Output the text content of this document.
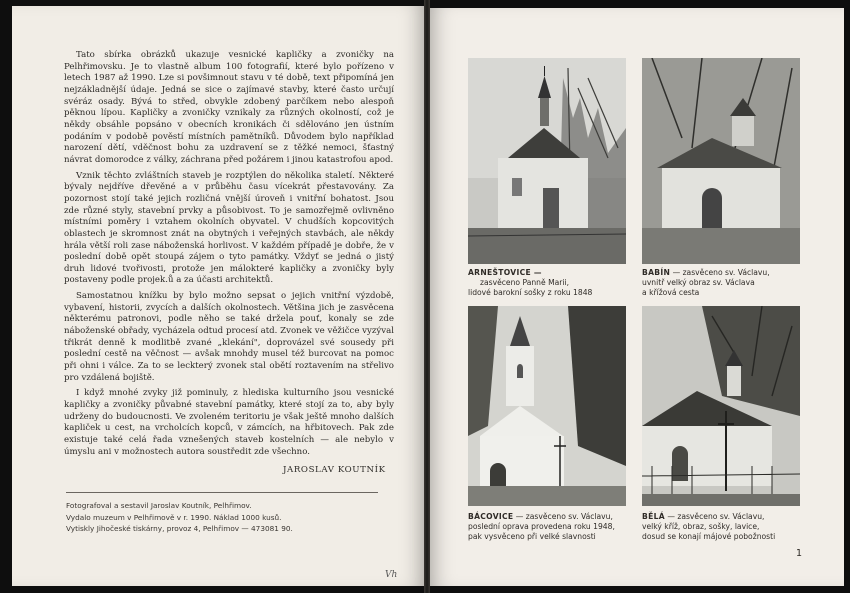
Tato sbírka obrázků ukazuje vesnické kapličky a zvoničky na Pelhřimovsku. Je to vlastně album 100 fotografií, které bylo pořízeno v letech 1987 až 1990. Lze si povšimnout stavu v té době, text připomíná jen nejzákladnější údaje. Jedná se sice o zajímavé stavby, které často určují svéráz osady. Bývá to střed, obvykle zdobený parčíkem nebo alespoň pěknou lípou. Kapličky a zvoničky vznikaly za různých okolností, což je někdy obsáhle popsáno v obecních kronikách či sdělováno jen ústním podáním v podobě pověstí místních pamětníků. Důvodem bylo například narození dětí, vděčnost bohu za uzdravení se z těžké nemoci, šťastný návrat domorodce z války, záchrana před požárem i jinou katastrofou apod.

Vznik těchto zvláštních staveb je rozptýlen do několika staletí. Některé bývaly nejdříve dřevěné a v průběhu času vícekrát přestavovány. Za pozornost stojí také jejich rozličná vnější úroveň i vnitřní bohatost. Jsou zde různé styly, stavební prvky a působivost. To je samozřejmě ovlivněno místními poměry i vztahem okolních obyvatel. V chudších kopcovitých oblastech je skromnost znát na obytných i veřejných stavbách, ale někdy hrála větší roli zase náboženská horlivost. V každém případě je dobře, že v poslední době opět stoupá zájem o tyto památky. Vždyť se jedná o jistý druh lidové tvořivosti, protože jen málokteré kapličky a zvoničky byly postaveny podle projek.ů a za účasti architektů.

Samostatnou knížku by bylo možno sepsat o jejich vnitřní výzdobě, vybavení, historii, zvycích a dalších okolnostech. Většina jich je zasvěcena některému patronovi, podle něho se také držela pouť, konaly se zde náboženské obřady, vycházela odtud procesí atd. Zvonek ve věžičce vyzýval třikrát denně k modlitbě zvané „klekání", doprovázel své sousedy při poslední cestě na věčnost — avšak mnohdy musel též burcovat na pomoc při ohni i válce. Za to se leckterý zvonek stal obětí roztavením na střelivo pro vzdálená bojiště.

I když mnohé zvyky již pominuly, z hlediska kulturního jsou vesnické kapličky a zvoničky půvabné stavební památky, které stojí za to, aby byly udrženy do budoucnosti. Ve zvoleném teritoriu je však ještě mnoho dalších kapliček u cest, na vrcholcích kopců, v zámcích, na hřbitovech. Pak zde existuje také celá řada vznešených staveb kostelních — ale nebylo v úmyslu ani v možnostech autora soustředit zde všechno.

JAROSLAV KOUTNÍK
Fotografoval a sestavil Jaroslav Koutník, Pelhřimov.
Vydalo muzeum v Pelhřimově v r. 1990. Náklad 1000 kusů.
Vytiskly Jihočeské tiskárny, provoz 4, Pelhřimov — 473081 90.
Vh
ARNEŠTOVICE —
zasvěceno Panně Marii,
lidové barokní sošky z roku 1848
BABÍN — zasvěceno sv. Václavu,
uvnitř velký obraz sv. Václava
a křížová cesta
BÁCOVICE — zasvěceno sv. Václavu,
poslední oprava provedena roku 1948,
pak vysvěceno při velké slavnosti
BĚLÁ — zasvěceno sv. Václavu,
velký kříž, obraz, sošky, lavice,
dosud se konají májové pobožnosti
1
